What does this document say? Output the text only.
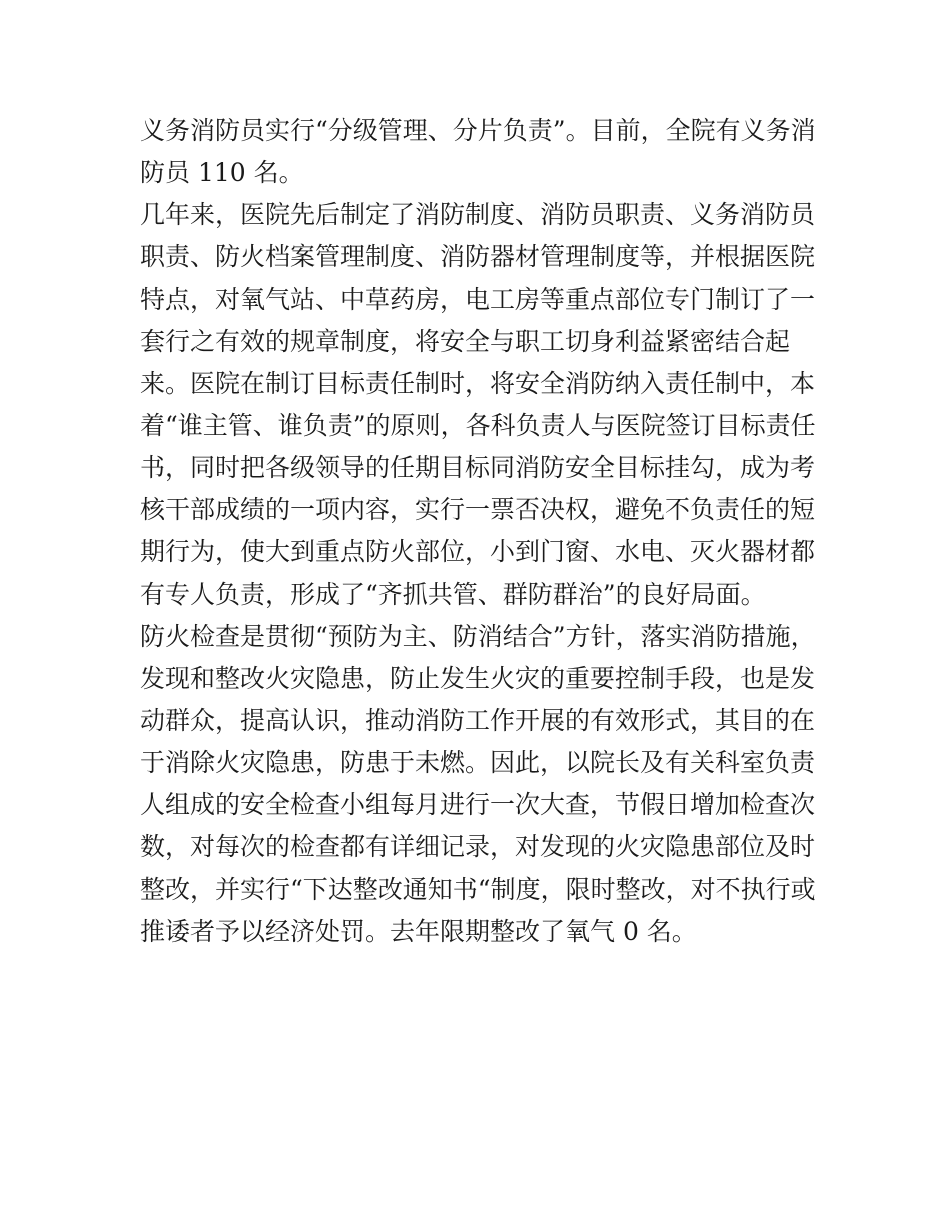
义务消防员实行“分级管理、分片负责”。目前，全院有义务消
防员 110 名。
几年来，医院先后制定了消防制度、消防员职责、义务消防员
职责、防火档案管理制度、消防器材管理制度等，并根据医院
特点，对氧气站、中草药房，电工房等重点部位专门制订了一
套行之有效的规章制度，将安全与职工切身利益紧密结合起
来。医院在制订目标责任制时，将安全消防纳入责任制中，本
着“谁主管、谁负责”的原则，各科负责人与医院签订目标责任
书，同时把各级领导的任期目标同消防安全目标挂勾，成为考
核干部成绩的一项内容，实行一票否决权，避免不负责任的短
期行为，使大到重点防火部位，小到门窗、水电、灭火器材都
有专人负责，形成了“齐抓共管、群防群治”的良好局面。
防火检查是贯彻“预防为主、防消结合”方针，落实消防措施，
发现和整改火灾隐患，防止发生火灾的重要控制手段，也是发
动群众，提高认识，推动消防工作开展的有效形式，其目的在
于消除火灾隐患，防患于未燃。因此，以院长及有关科室负责
人组成的安全检查小组每月进行一次大查，节假日增加检查次
数，对每次的检查都有详细记录，对发现的火灾隐患部位及时
整改，并实行“下达整改通知书“制度，限时整改，对不执行或
推诿者予以经济处罚。去年限期整改了氧气 0 名。
